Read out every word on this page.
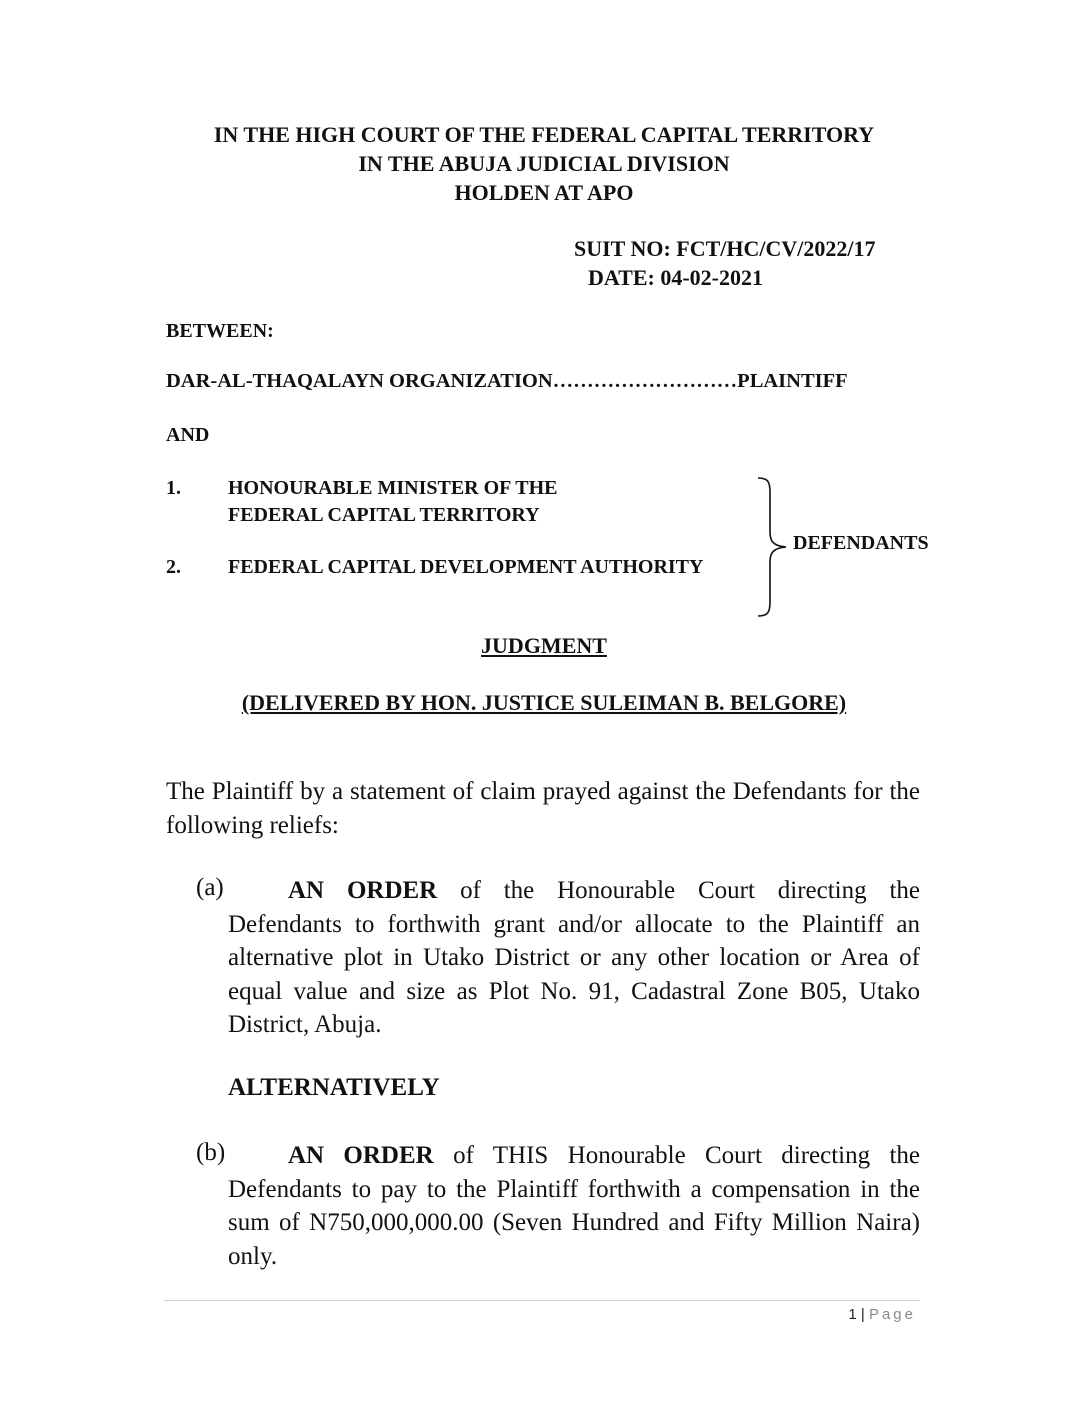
IN THE HIGH COURT OF THE FEDERAL CAPITAL TERRITORY
IN THE ABUJA JUDICIAL DIVISION
HOLDEN AT APO
SUIT NO: FCT/HC/CV/2022/17
DATE: 04-02-2021
BETWEEN:
DAR-AL-THAQALAYN ORGANIZATION………………………PLAINTIFF
AND
1. HONOURABLE MINISTER OF THE
FEDERAL CAPITAL TERRITORY
2. FEDERAL CAPITAL DEVELOPMENT AUTHORITY
DEFENDANTS
JUDGMENT
(DELIVERED BY HON. JUSTICE SULEIMAN B. BELGORE)
The Plaintiff by a statement of claim prayed against the Defendants for the following reliefs:
(a)	AN ORDER of the Honourable Court directing the Defendants to forthwith grant and/or allocate to the Plaintiff an alternative plot in Utako District or any other location or Area of equal value and size as Plot No. 91, Cadastral Zone B05, Utako District, Abuja.
ALTERNATIVELY
(b)	AN ORDER of THIS Honourable Court directing the Defendants to pay to the Plaintiff forthwith a compensation in the sum of N750,000,000.00 (Seven Hundred and Fifty Million Naira) only.
1 | Page
